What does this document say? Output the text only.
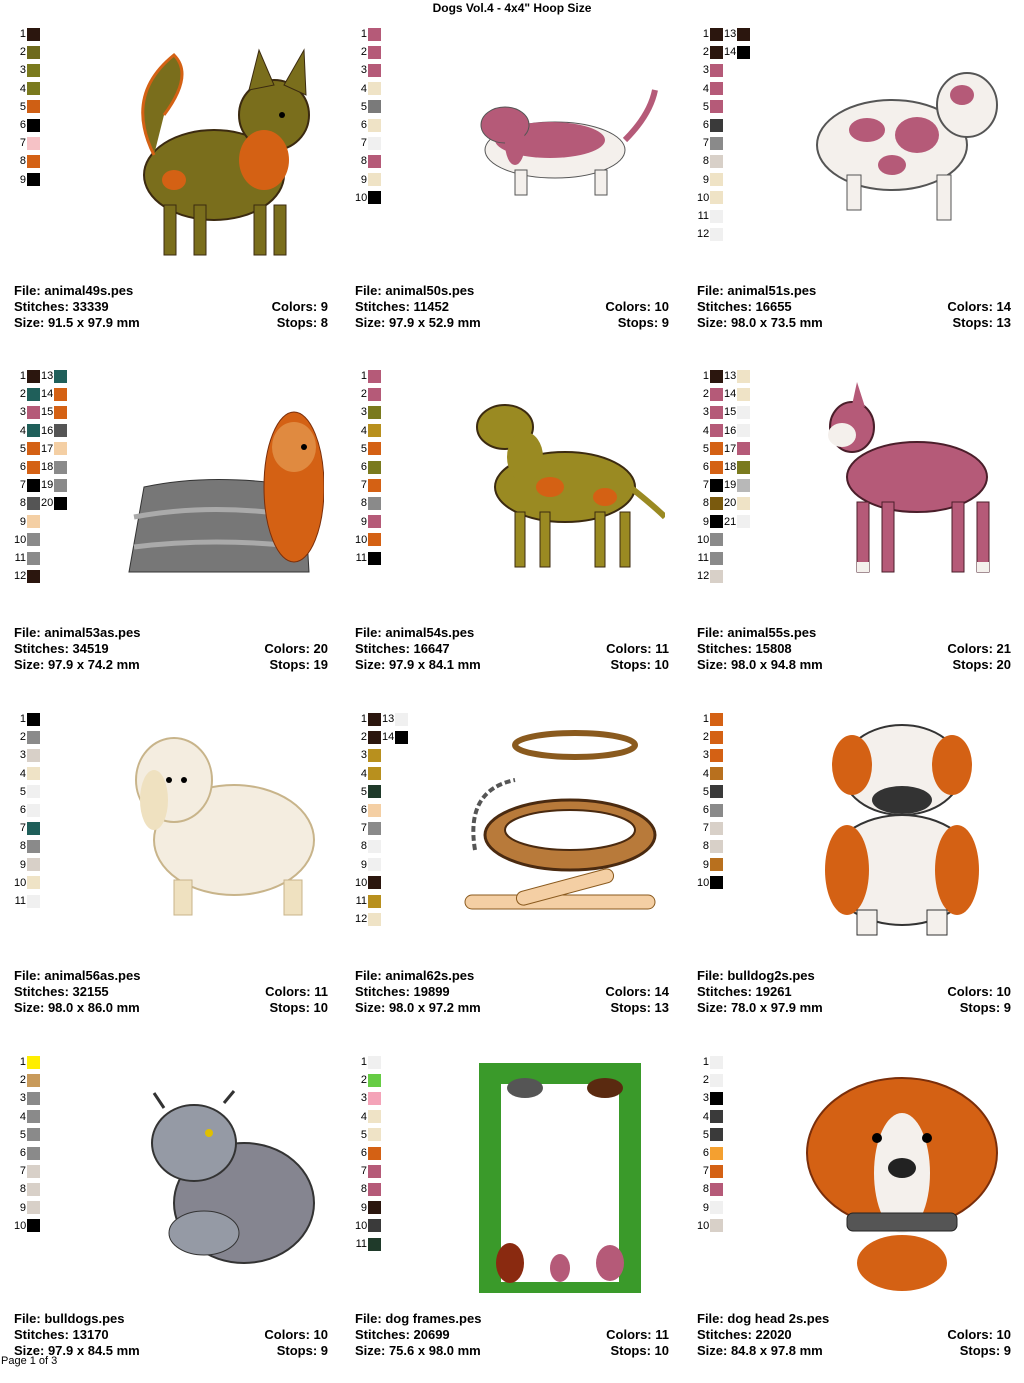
Dogs Vol.4 - 4x4" Hoop Size
1
2
3
4
5
6
7
8
9
File: animal49s.pes
Stitches: 33339	Colors: 9
Size: 91.5 x 97.9 mm	Stops: 8
1
2
3
4
5
6
7
8
9
10
File: animal50s.pes
Stitches: 11452	Colors: 10
Size: 97.9 x 52.9 mm	Stops: 9
1
2
3
4
5
6
7
8
9
10
11
12
13
14
File: animal51s.pes
Stitches: 16655	Colors: 14
Size: 98.0 x 73.5 mm	Stops: 13
1
2
3
4
5
6
7
8
9
10
11
12
13
14
15
16
17
18
19
20
File: animal53as.pes
Stitches: 34519	Colors: 20
Size: 97.9 x 74.2 mm	Stops: 19
1
2
3
4
5
6
7
8
9
10
11
File: animal54s.pes
Stitches: 16647	Colors: 11
Size: 97.9 x 84.1 mm	Stops: 10
1
2
3
4
5
6
7
8
9
10
11
12
13
14
15
16
17
18
19
20
21
File: animal55s.pes
Stitches: 15808	Colors: 21
Size: 98.0 x 94.8 mm	Stops: 20
1
2
3
4
5
6
7
8
9
10
11
File: animal56as.pes
Stitches: 32155	Colors: 11
Size: 98.0 x 86.0 mm	Stops: 10
1
2
3
4
5
6
7
8
9
10
11
12
13
14
File: animal62s.pes
Stitches: 19899	Colors: 14
Size: 98.0 x 97.2 mm	Stops: 13
1
2
3
4
5
6
7
8
9
10
File: bulldog2s.pes
Stitches: 19261	Colors: 10
Size: 78.0 x 97.9 mm	Stops: 9
1
2
3
4
5
6
7
8
9
10
File: bulldogs.pes
Stitches: 13170	Colors: 10
Size: 97.9 x 84.5 mm	Stops: 9
1
2
3
4
5
6
7
8
9
10
11
File: dog frames.pes
Stitches: 20699	Colors: 11
Size: 75.6 x 98.0 mm	Stops: 10
1
2
3
4
5
6
7
8
9
10
File: dog head 2s.pes
Stitches: 22020	Colors: 10
Size: 84.8 x 97.8 mm	Stops: 9
Page 1 of 3
